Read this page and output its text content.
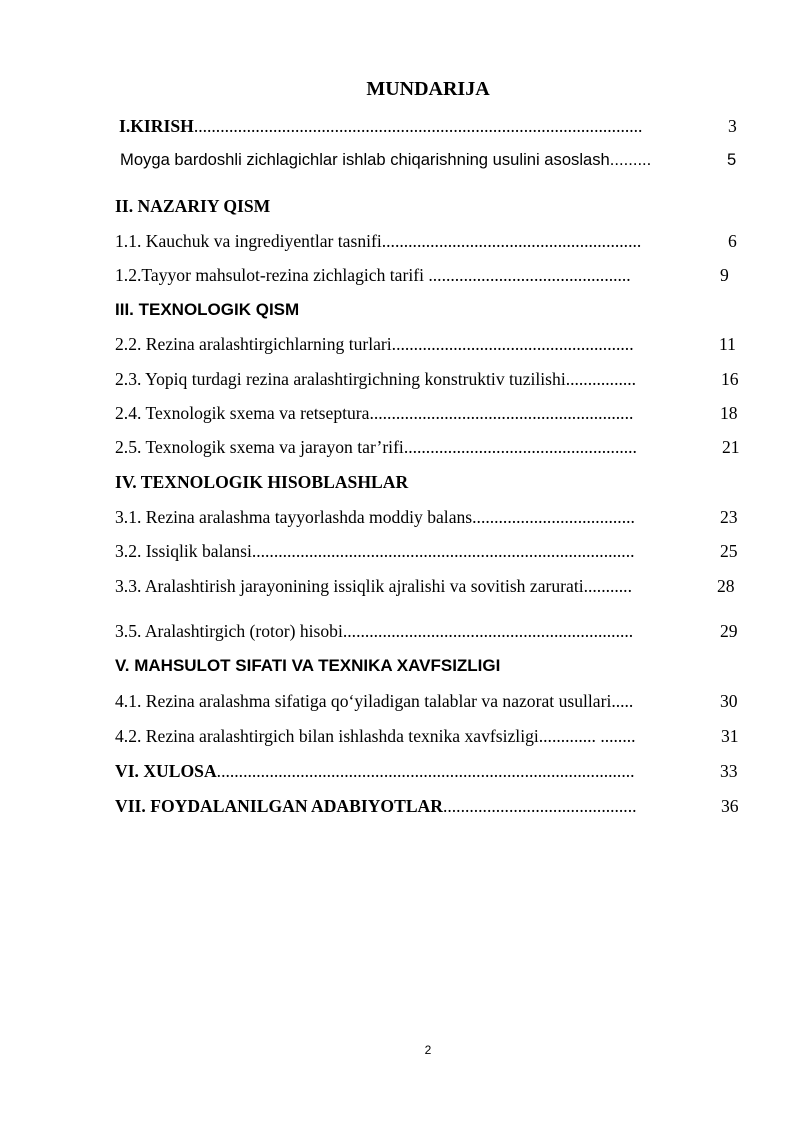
MUNDARIJA
I.KIRISH......................................................................................................	3
Moyga bardoshli zichlagichlar ishlab chiqarishning usulini asoslash.........	5
II. NAZARIY QISM
1.1. Kauchuk va ingrediyentlar tasnifi...........................................................	6
1.2.Tayyor mahsulot-rezina zichlagich tarifi ..............................................	9
III. TEXNOLOGIK QISM
2.2. Rezina aralashtirgichlarning turlari.......................................................	11
2.3. Yopiq turdagi rezina aralashtirgichning konstruktiv tuzilishi................	16
2.4. Texnologik sxema va retseptura............................................................	18
2.5. Texnologik sxema va jarayon tar’rifi.....................................................	21
IV. TEXNOLOGIK HISOBLASHLAR
3.1. Rezina aralashma tayyorlashda moddiy balans.....................................	23
3.2. Issiqlik balansi.......................................................................................	25
3.3. Aralashtirish jarayonining issiqlik ajralishi va sovitish zarurati...........	28
3.5. Aralashtirgich (rotor) hisobi..................................................................	29
V. MAHSULOT SIFATI VA TEXNIKA XAVFSIZLIGI
4.1. Rezina aralashma sifatiga qo‘yiladigan talablar va nazorat usullari.....	30
4.2. Rezina aralashtirgich bilan ishlashda texnika xavfsizligi............. ........	31
VI. XULOSA...............................................................................................	33
VII. FOYDALANILGAN ADABIYOTLAR............................................	36
2
